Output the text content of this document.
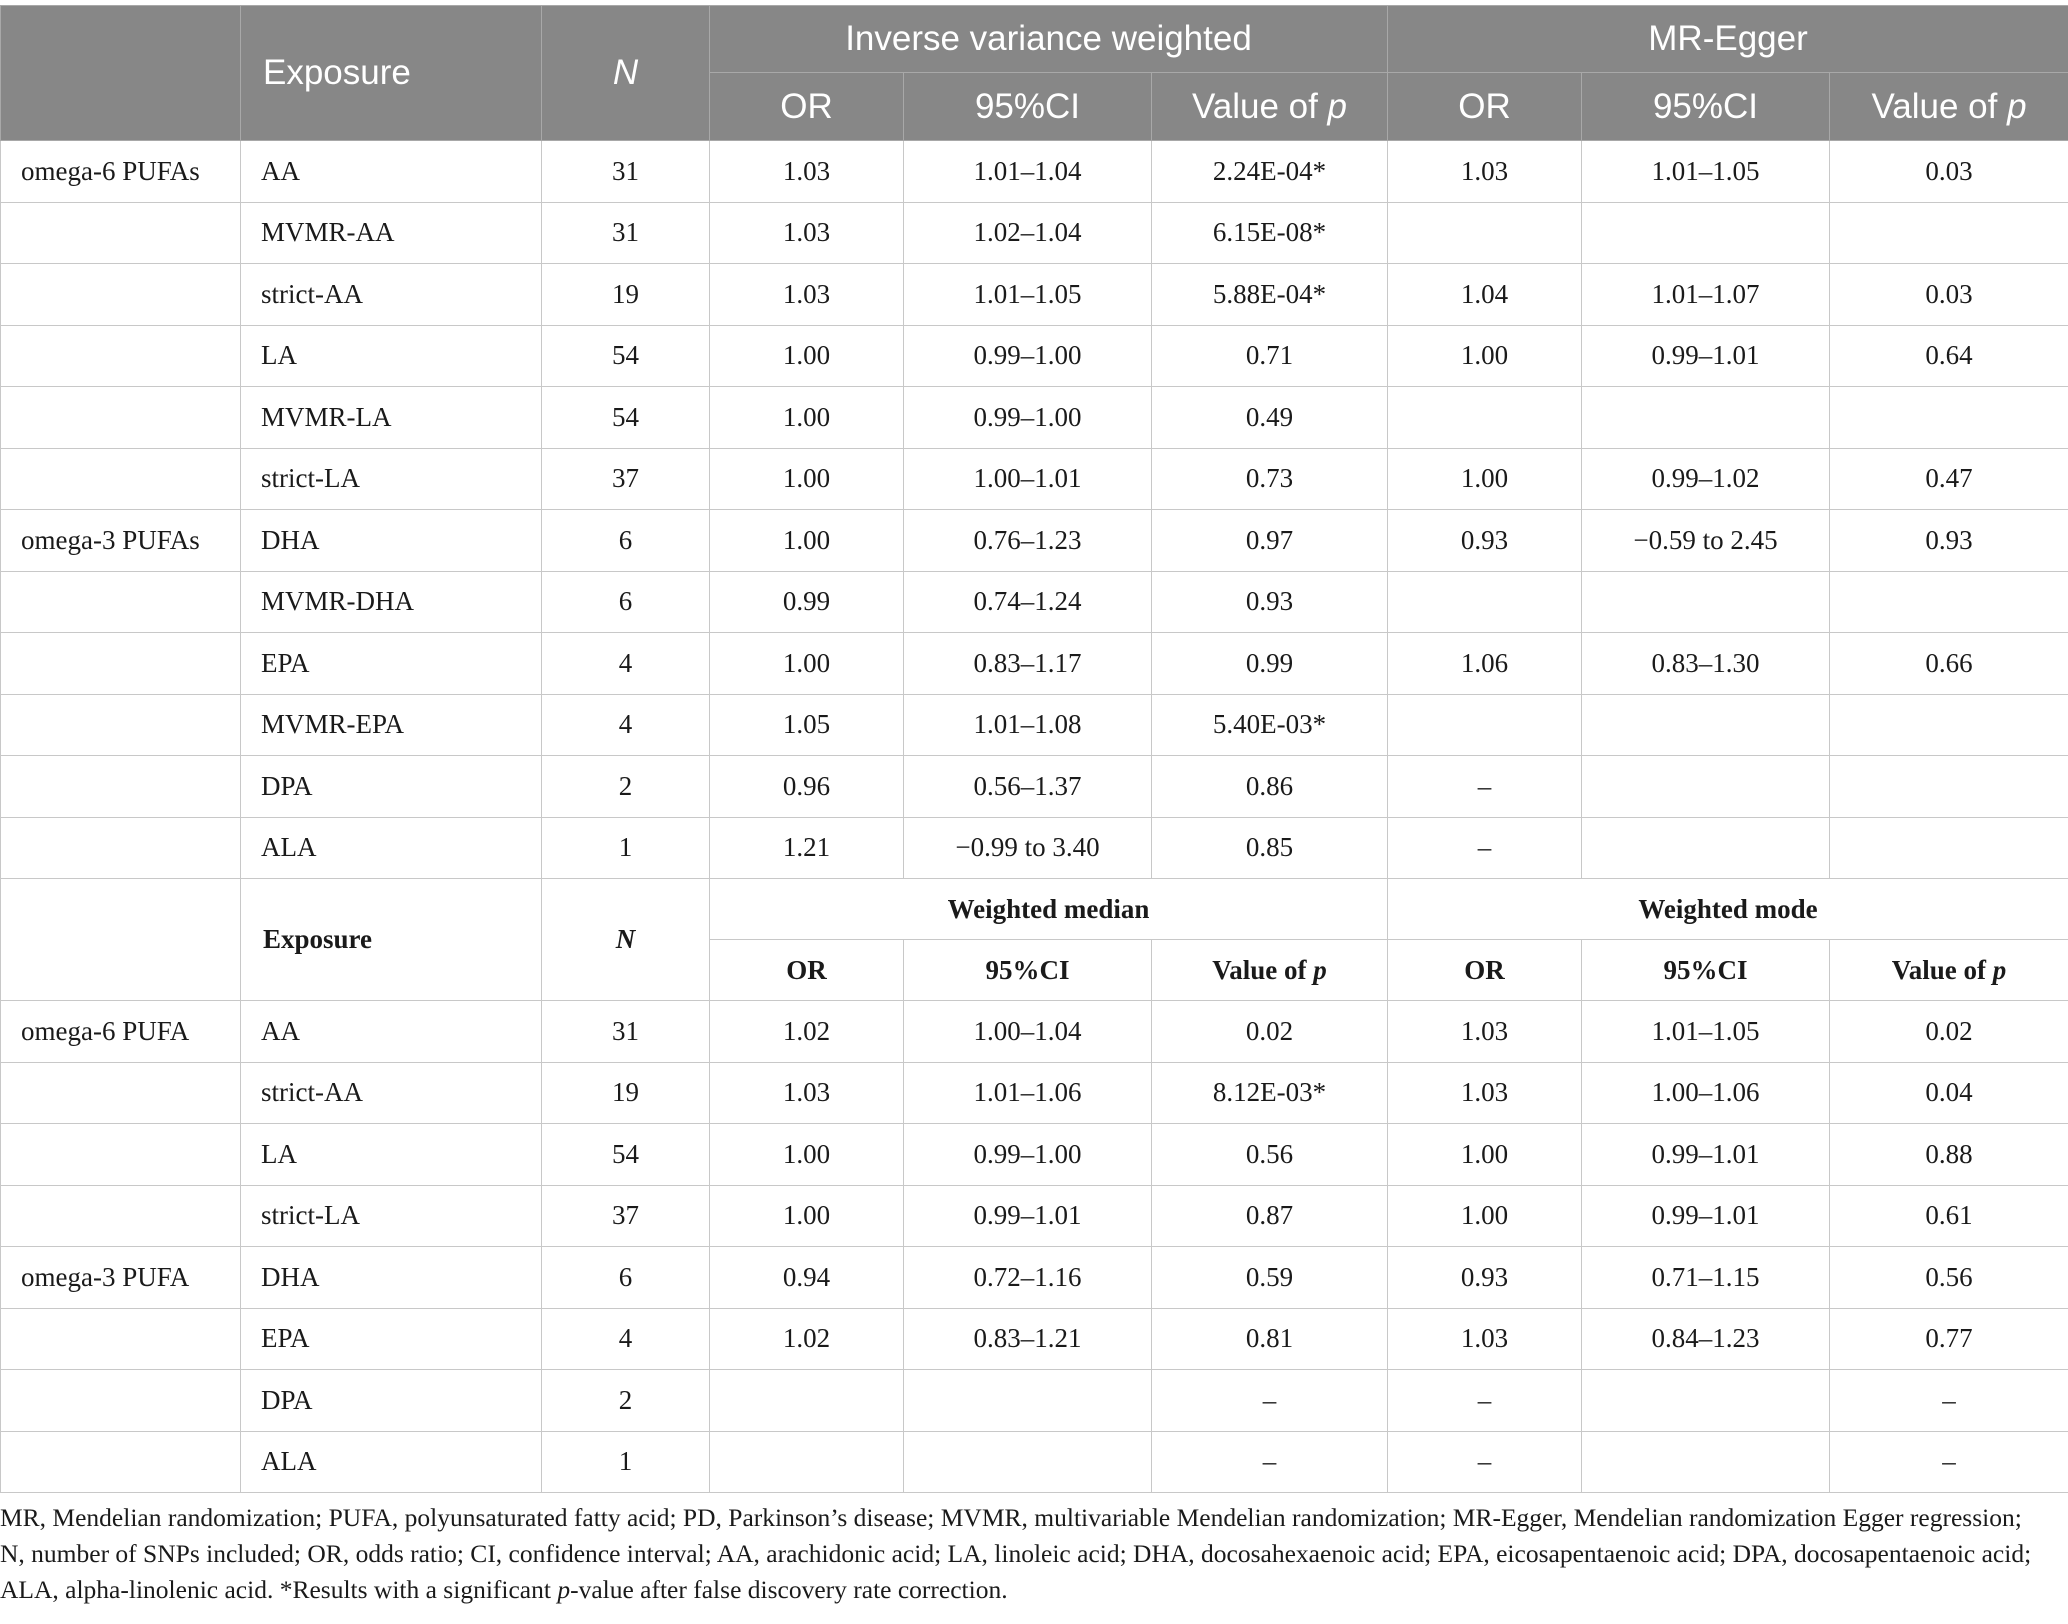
	Exposure	N	Inverse variance weighted			MR-Egger		
			OR	95%CI	Value of p	OR	95%CI	Value of p
omega-6 PUFAs	AA	31	1.03	1.01–1.04	2.24E-04*	1.03	1.01–1.05	0.03
	MVMR-AA	31	1.03	1.02–1.04	6.15E-08*			
	strict-AA	19	1.03	1.01–1.05	5.88E-04*	1.04	1.01–1.07	0.03
	LA	54	1.00	0.99–1.00	0.71	1.00	0.99–1.01	0.64
	MVMR-LA	54	1.00	0.99–1.00	0.49			
	strict-LA	37	1.00	1.00–1.01	0.73	1.00	0.99–1.02	0.47
omega-3 PUFAs	DHA	6	1.00	0.76–1.23	0.97	0.93	−0.59 to 2.45	0.93
	MVMR-DHA	6	0.99	0.74–1.24	0.93			
	EPA	4	1.00	0.83–1.17	0.99	1.06	0.83–1.30	0.66
	MVMR-EPA	4	1.05	1.01–1.08	5.40E-03*			
	DPA	2	0.96	0.56–1.37	0.86	–		
	ALA	1	1.21	−0.99 to 3.40	0.85	–		
	Exposure	N	Weighted median			Weighted mode		
			OR	95%CI	Value of p	OR	95%CI	Value of p
omega-6 PUFA	AA	31	1.02	1.00–1.04	0.02	1.03	1.01–1.05	0.02
	strict-AA	19	1.03	1.01–1.06	8.12E-03*	1.03	1.00–1.06	0.04
	LA	54	1.00	0.99–1.00	0.56	1.00	0.99–1.01	0.88
	strict-LA	37	1.00	0.99–1.01	0.87	1.00	0.99–1.01	0.61
omega-3 PUFA	DHA	6	0.94	0.72–1.16	0.59	0.93	0.71–1.15	0.56
	EPA	4	1.02	0.83–1.21	0.81	1.03	0.84–1.23	0.77
	DPA	2			–	–		–
	ALA	1			–	–		–
MR, Mendelian randomization; PUFA, polyunsaturated fatty acid; PD, Parkinson’s disease; MVMR, multivariable Mendelian randomization; MR-Egger, Mendelian randomization Egger regression; N, number of SNPs included; OR, odds ratio; CI, confidence interval; AA, arachidonic acid; LA, linoleic acid; DHA, docosahexaenoic acid; EPA, eicosapentaenoic acid; DPA, docosapentaenoic acid; ALA, alpha-linolenic acid. *Results with a significant p-value after false discovery rate correction.
